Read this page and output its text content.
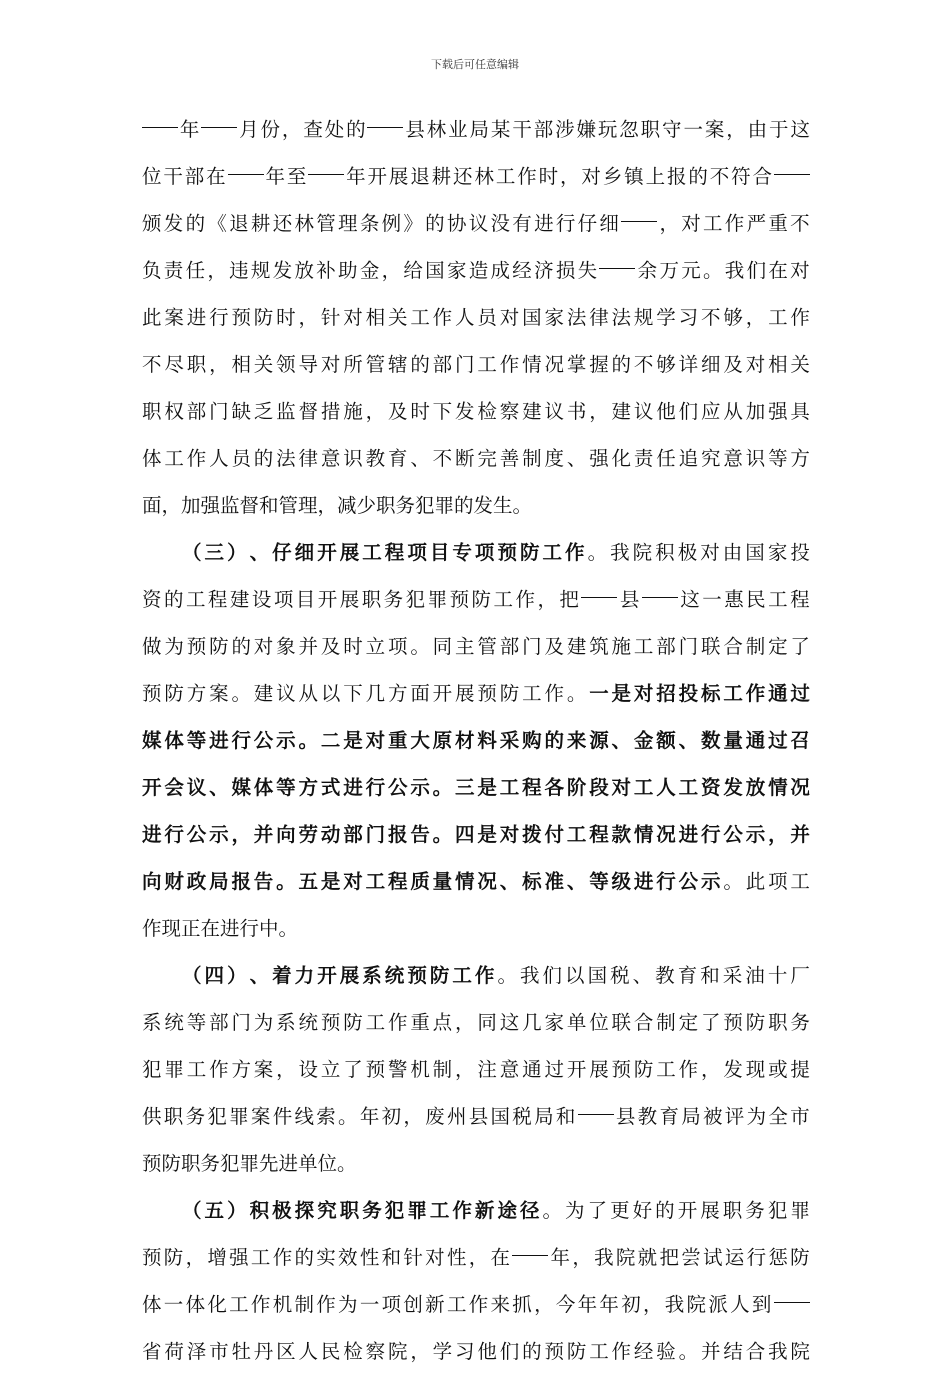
下载后可任意编辑
年 月 份 ， 查 处 的 县 林 业 局 某 干 部 涉 嫌 玩 忽 职 守 一 案 ， 由 于 这
位 干 部 在 年 至 年 开 展 退 耕 还 林 工 作 时 ， 对 乡 镇 上 报 的 不 符 合
颁 发 的 《 退 耕 还 林 管 理 条 例 》 的 协 议 没 有 进 行 仔 细 ， 对 工 作 严 重 不
负 责 任 ， 违 规 发 放 补 助 金 ， 给 国 家 造 成 经 济 损 失 余 万 元 。 我 们 在 对
此 案 进 行 预 防 时 ， 针 对 相 关 工 作 人 员 对 国 家 法 律 法 规 学 习 不 够 ， 工 作
不 尽 职 ， 相 关 领 导 对 所 管 辖 的 部 门 工 作 情 况 掌 握 的 不 够 详 细 及 对 相 关
职 权 部 门 缺 乏 监 督 措 施 ， 及 时 下 发 检 察 建 议 书 ， 建 议 他 们 应 从 加 强 具
体 工 作 人 员 的 法 律 意 识 教 育 、 不 断 完 善 制 度 、 强 化 责 任 追 究 意 识 等 方
面，加强监督和管理，减少职务犯罪的发生。
（ 三 ） 、 仔 细 开 展 工 程 项 目 专 项 预 防 工 作 。 我 院 积 极 对 由 国 家 投
资 的 工 程 建 设 项 目 开 展 职 务 犯 罪 预 防 工 作 ， 把 县 这 一 惠 民 工 程
做 为 预 防 的 对 象 并 及 时 立 项 。 同 主 管 部 门 及 建 筑 施 工 部 门 联 合 制 定 了
预 防 方 案 。 建 议 从 以 下 几 方 面 开 展 预 防 工 作 。 一 是 对 招 投 标 工 作 通 过
媒 体 等 进 行 公 示 。 二 是 对 重 大 原 材 料 采 购 的 来 源 、 金 额 、 数 量 通 过 召
开 会 议 、 媒 体 等 方 式 进 行 公 示 。 三 是 工 程 各 阶 段 对 工 人 工 资 发 放 情 况
进 行 公 示 ， 并 向 劳 动 部 门 报 告 。 四 是 对 拨 付 工 程 款 情 况 进 行 公 示 ， 并
向 财 政 局 报 告 。 五 是 对 工 程 质 量 情 况 、 标 准 、 等 级 进 行 公 示 。 此 项 工
作现正在进行中。
（ 四 ） 、 着 力 开 展 系 统 预 防 工 作 。 我 们 以 国 税 、 教 育 和 采 油 十 厂
系 统 等 部 门 为 系 统 预 防 工 作 重 点 ， 同 这 几 家 单 位 联 合 制 定 了 预 防 职 务
犯 罪 工 作 方 案 ， 设 立 了 预 警 机 制 ， 注 意 通 过 开 展 预 防 工 作 ， 发 现 或 提
供 职 务 犯 罪 案 件 线 索 。 年 初 ， 废 州 县 国 税 局 和 县 教 育 局 被 评 为 全 市
预防职务犯罪先进单位。
（ 五 ） 积 极 探 究 职 务 犯 罪 工 作 新 途 径 。 为 了 更 好 的 开 展 职 务 犯 罪
预 防 ， 增 强 工 作 的 实 效 性 和 针 对 性 ， 在 年 ， 我 院 就 把 尝 试 运 行 惩 防
体 一 体 化 工 作 机 制 作 为 一 项 创 新 工 作 来 抓 ， 今 年 年 初 ， 我 院 派 人 到
省 荷 泽 市 牡 丹 区 人 民 检 察 院 ， 学 习 他 们 的 预 防 工 作 经 验 。 并 结 合 我 院
